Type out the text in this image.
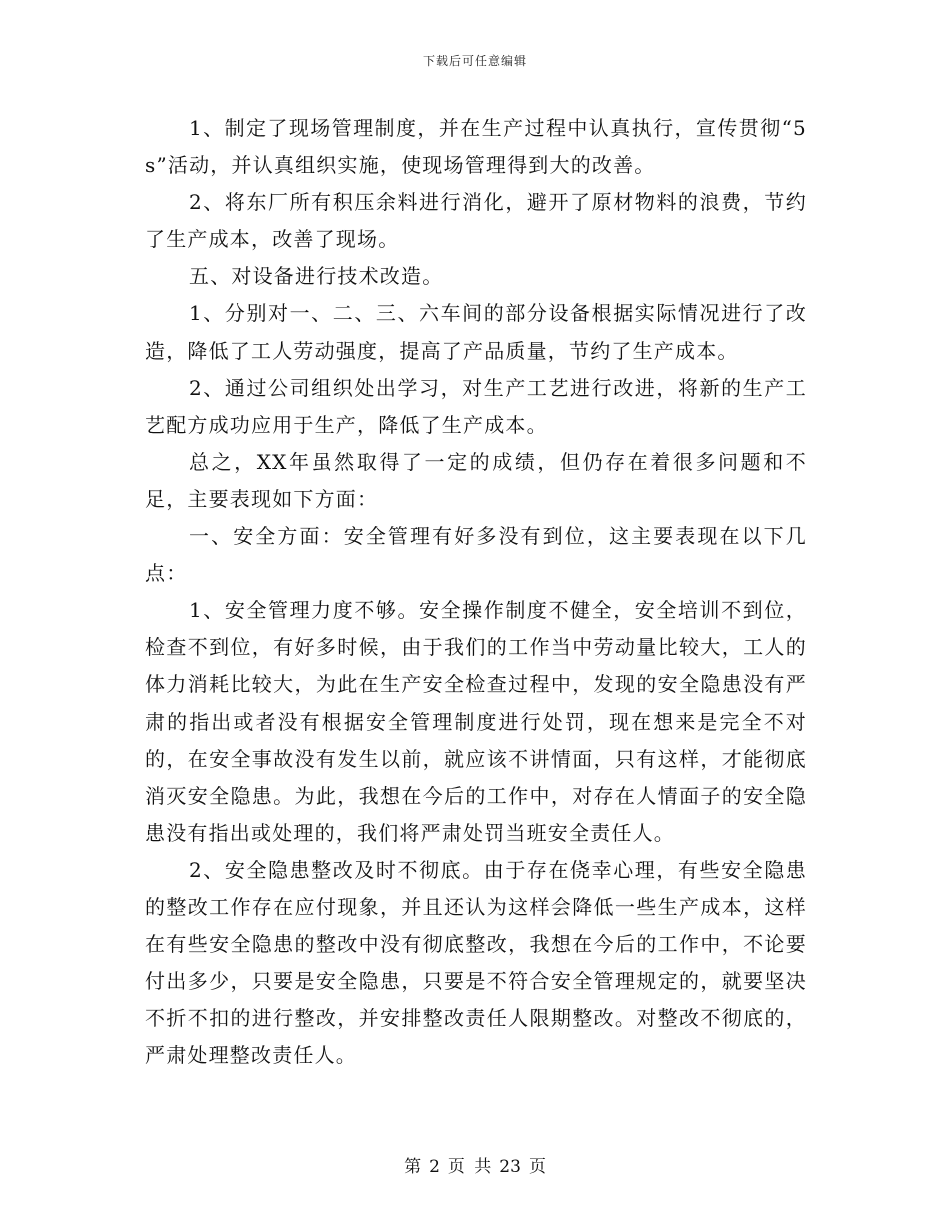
下载后可任意编辑

1、制定了现场管理制度，并在生产过程中认真执行，宣传贯彻“5s”活动，并认真组织实施，使现场管理得到大的改善。

2、将东厂所有积压余料进行消化，避开了原材物料的浪费，节约了生产成本，改善了现场。

五、对设备进行技术改造。

1、分别对一、二、三、六车间的部分设备根据实际情况进行了改造，降低了工人劳动强度，提高了产品质量，节约了生产成本。

2、通过公司组织处出学习，对生产工艺进行改进，将新的生产工艺配方成功应用于生产，降低了生产成本。

总之，XX年虽然取得了一定的成绩，但仍存在着很多问题和不足，主要表现如下方面：

一、安全方面：安全管理有好多没有到位，这主要表现在以下几点：

1、安全管理力度不够。安全操作制度不健全，安全培训不到位，检查不到位，有好多时候，由于我们的工作当中劳动量比较大，工人的体力消耗比较大，为此在生产安全检查过程中，发现的安全隐患没有严肃的指出或者没有根据安全管理制度进行处罚，现在想来是完全不对的，在安全事故没有发生以前，就应该不讲情面，只有这样，才能彻底消灭安全隐患。为此，我想在今后的工作中，对存在人情面子的安全隐患没有指出或处理的，我们将严肃处罚当班安全责任人。

2、安全隐患整改及时不彻底。由于存在侥幸心理，有些安全隐患的整改工作存在应付现象，并且还认为这样会降低一些生产成本，这样在有些安全隐患的整改中没有彻底整改，我想在今后的工作中，不论要付出多少，只要是安全隐患，只要是不符合安全管理规定的，就要坚决不折不扣的进行整改，并安排整改责任人限期整改。对整改不彻底的，严肃处理整改责任人。

第 2 页 共 23 页
